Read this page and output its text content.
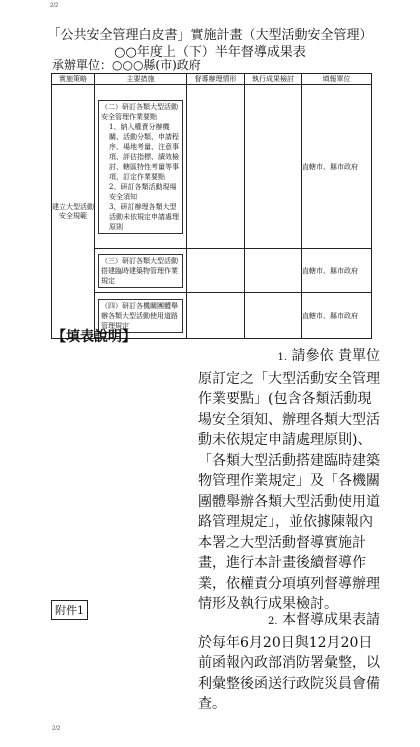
2/2
「公共安全管理白皮書」實施計畫（大型活動安全管理）
○○年度上（下）半年督導成果表
承辦單位：○○○縣(市)政府
實施策略	主要措施	督導辦理情形	執行成果檢討	填報單位
建立大型活動安全規範	（二）研訂各類大型活動安全管理作業要點
1、納入權責分辦機關、活動分類、申請程序、場地考量、注意事項、評估指標、績效檢討、轄區特性考量等事項，訂定作業要點
2、研訂各類活動現場安全須知
3、研訂辦理各類大型活動未依規定申請處理原則			直轄市、縣市政府

	（三）研訂各類大型活動搭建臨時建築物管理作業規定			直轄市、縣市政府

	（四）研訂各機關團體舉辦各類大型活動使用道路管理規定			直轄市、縣市政府
【填表說明】
1. 請參依 貴單位
原訂定之「大型活動安全管理作業要點」(包含各類活動現場安全須知、辦理各類大型活動未依規定申請處理原則)、「各類大型活動搭建臨時建築物管理作業規定」及「各機關團體舉辦各類大型活動使用道路管理規定」，並依據陳報內本署之大型活動督導實施計畫，進行本計畫後續督導作業，依權責分項填列督導辦理情形及執行成果檢討。
2. 本督導成果表請
於每年6月20日與12月20日前函報內政部消防署彙整，以利彙整後函送行政院災員會備查。
附件1
2/2
